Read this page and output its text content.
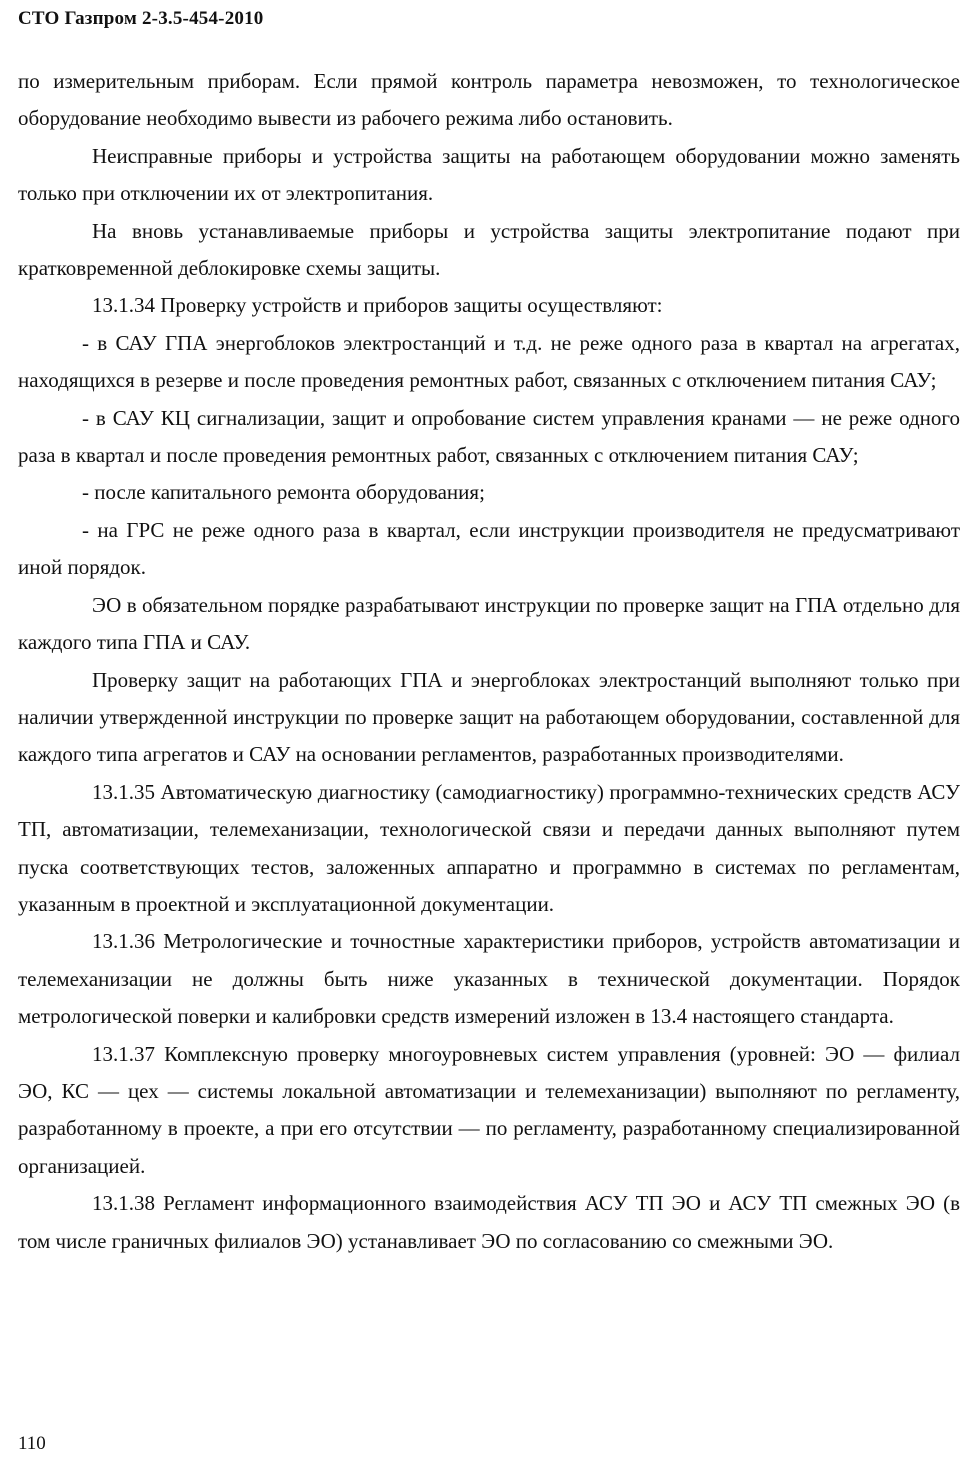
СТО Газпром 2-3.5-454-2010

по измерительным приборам. Если прямой контроль параметра невозможен, то технологическое оборудование необходимо вывести из рабочего режима либо остановить.

Неисправные приборы и устройства защиты на работающем оборудовании можно заменять только при отключении их от электропитания.

На вновь устанавливаемые приборы и устройства защиты электропитание подают при кратковременной деблокировке схемы защиты.

13.1.34 Проверку устройств и приборов защиты осуществляют:

- в САУ ГПА энергоблоков электростанций и т.д. не реже одного раза в квартал на агрегатах, находящихся в резерве и после проведения ремонтных работ, связанных с отключением питания САУ;

- в САУ КЦ сигнализации, защит и опробование систем управления кранами — не реже одного раза в квартал и после проведения ремонтных работ, связанных с отключением питания САУ;

- после капитального ремонта оборудования;

- на ГРС не реже одного раза в квартал, если инструкции производителя не предусматривают иной порядок.

ЭО в обязательном порядке разрабатывают инструкции по проверке защит на ГПА отдельно для каждого типа ГПА и САУ.

Проверку защит на работающих ГПА и энергоблоках электростанций выполняют только при наличии утвержденной инструкции по проверке защит на работающем оборудовании, составленной для каждого типа агрегатов и САУ на основании регламентов, разработанных производителями.

13.1.35 Автоматическую диагностику (самодиагностику) программно-технических средств АСУ ТП, автоматизации, телемеханизации, технологической связи и передачи данных выполняют путем пуска соответствующих тестов, заложенных аппаратно и программно в системах по регламентам, указанным в проектной и эксплуатационной документации.

13.1.36 Метрологические и точностные характеристики приборов, устройств автоматизации и телемеханизации не должны быть ниже указанных в технической документации. Порядок метрологической поверки и калибровки средств измерений изложен в 13.4 настоящего стандарта.

13.1.37 Комплексную проверку многоуровневых систем управления (уровней: ЭО — филиал ЭО, КС — цех — системы локальной автоматизации и телемеханизации) выполняют по регламенту, разработанному в проекте, а при его отсутствии — по регламенту, разработанному специализированной организацией.

13.1.38 Регламент информационного взаимодействия АСУ ТП ЭО и АСУ ТП смежных ЭО (в том числе граничных филиалов ЭО) устанавливает ЭО по согласованию со смежными ЭО.

110
